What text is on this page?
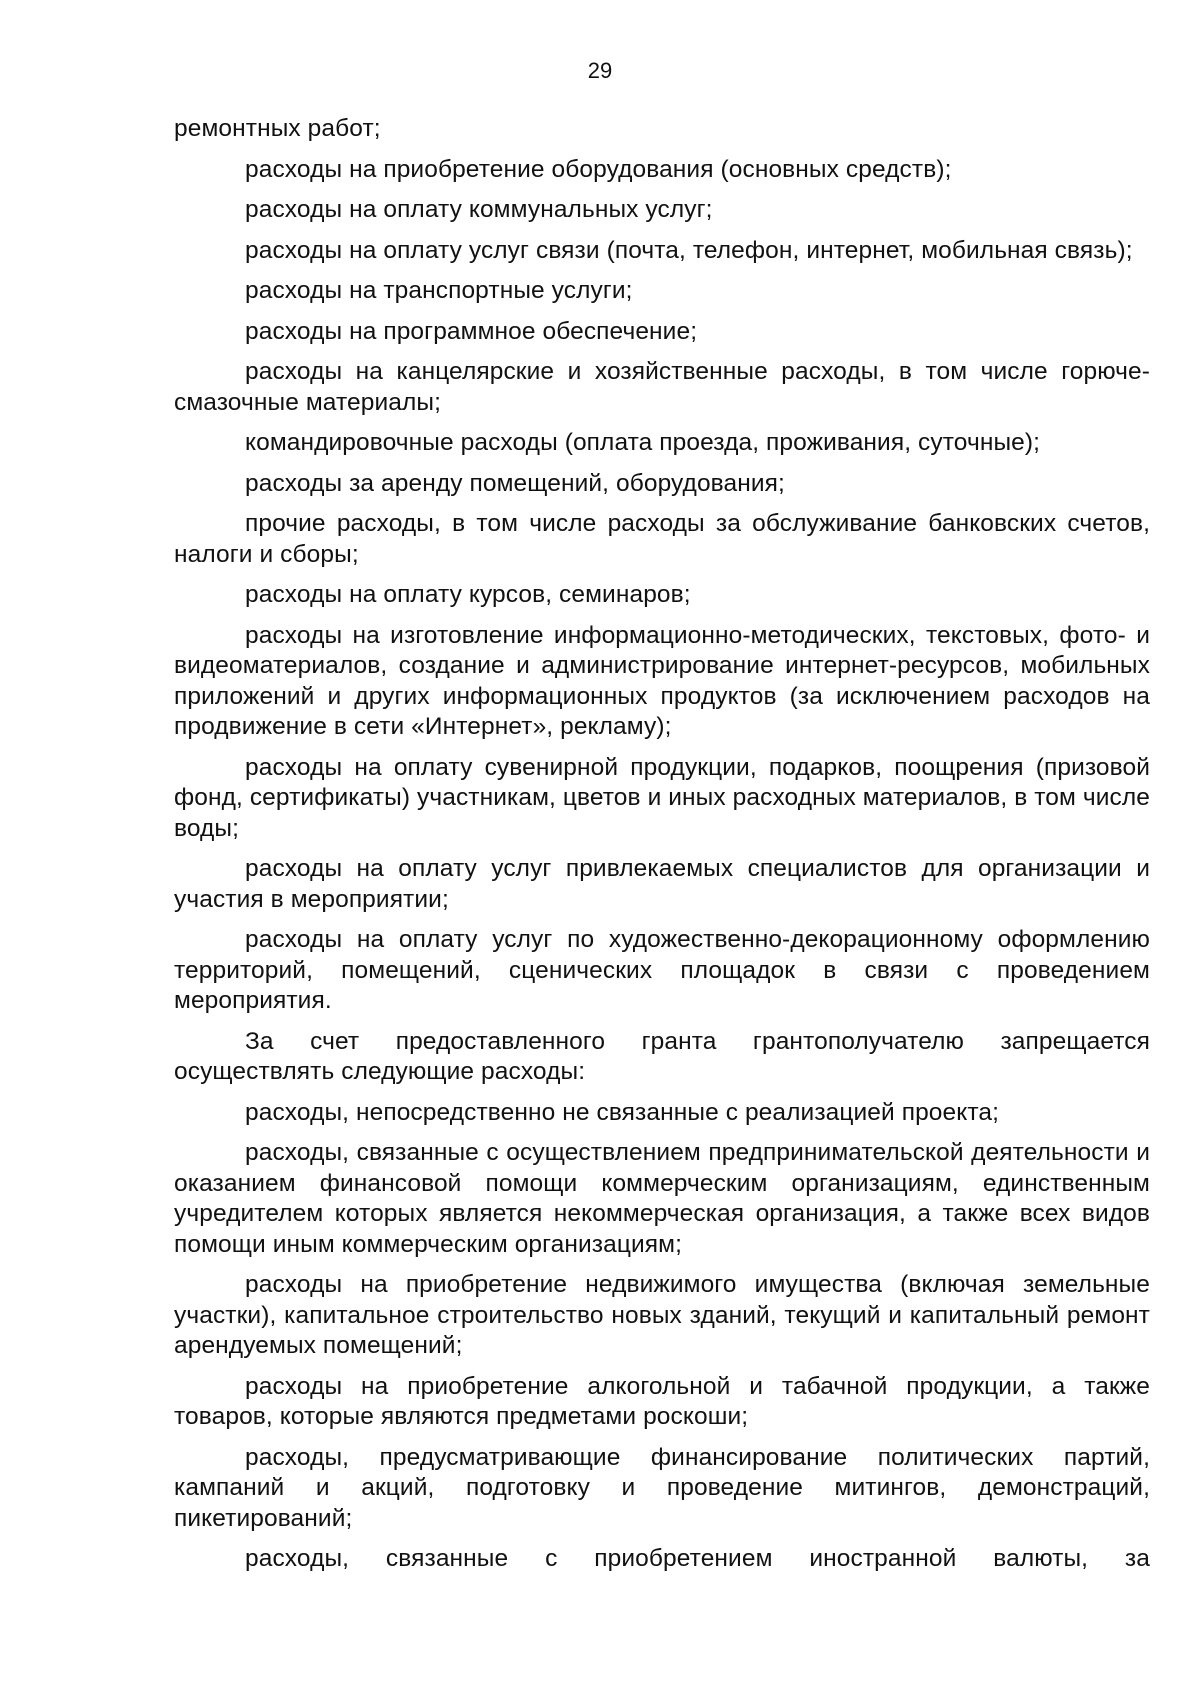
29

ремонтных работ;

расходы на приобретение оборудования (основных средств);

расходы на оплату коммунальных услуг;

расходы на оплату услуг связи (почта, телефон, интернет, мобильная связь);

расходы на транспортные услуги;

расходы на программное обеспечение;

расходы на канцелярские и хозяйственные расходы, в том числе горюче-смазочные материалы;

командировочные расходы (оплата проезда, проживания, суточные);

расходы за аренду помещений, оборудования;

прочие расходы, в том числе расходы за обслуживание банковских счетов, налоги и сборы;

расходы на оплату курсов, семинаров;

расходы на изготовление информационно-методических, текстовых, фото- и видеоматериалов, создание и администрирование интернет-ресурсов, мобильных приложений и других информационных продуктов (за исключением расходов на продвижение в сети «Интернет», рекламу);

расходы на оплату сувенирной продукции, подарков, поощрения (призовой фонд, сертификаты) участникам, цветов и иных расходных материалов, в том числе воды;

расходы на оплату услуг привлекаемых специалистов для организации и участия в мероприятии;

расходы на оплату услуг по художественно-декорационному оформлению территорий, помещений, сценических площадок в связи с проведением мероприятия.

За счет предоставленного гранта грантополучателю запрещается осуществлять следующие расходы:

расходы, непосредственно не связанные с реализацией проекта;

расходы, связанные с осуществлением предпринимательской деятельности и оказанием финансовой помощи коммерческим организациям, единственным учредителем которых является некоммерческая организация, а также всех видов помощи иным коммерческим организациям;

расходы на приобретение недвижимого имущества (включая земельные участки), капитальное строительство новых зданий, текущий и капитальный ремонт арендуемых помещений;

расходы на приобретение алкогольной и табачной продукции, а также товаров, которые являются предметами роскоши;

расходы, предусматривающие финансирование политических партий, кампаний и акций, подготовку и проведение митингов, демонстраций, пикетирований;

расходы, связанные с приобретением иностранной валюты, за
